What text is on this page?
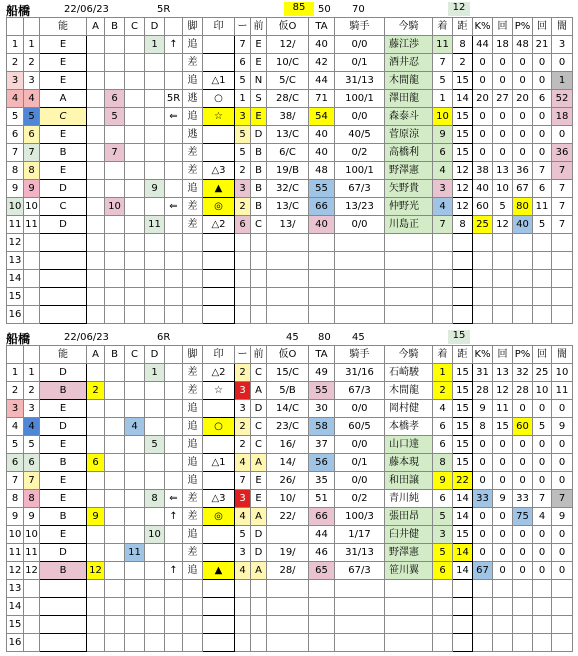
船橋	22/06/23	5R	85	50 70	12
		能	A	B	C	D		脚	印	ー	前	仮O	TA	騎手	今騎	着	距	K%	回	P%	回	闇
1	1	E				1	↑	追		7	E	12/	40	0/0	藤江渉	11	8	44	18	48	21	3
2	2	E						差		6	E	10/C	42	0/1	酒井忍	7	2	0	0	0	0	0
3	3	E						追	△1	5	N	5/C	44	31/13	木間龍	5	15	0	0	0	0	1
4	4	A		6			5R	逃	○	1	S	28/C	71	100/1	澤田龍	1	14	20	27	20	6	52
5	5	C		5			⇐	追	☆	3	E	38/	54	0/0	森泰斗	10	15	0	0	0	0	18
6	6	E						逃		5	D	13/C	40	40/5	菅原涼	9	15	0	0	0	0	0
7	7	B		7				差		5	B	6/C	40	0/2	高橋利	6	15	0	0	0	0	36
8	8	E						差	△3	2	B	19/B	48	100/1	野澤憲	4	12	38	13	36	7	7
9	9	D				9		追	▲	3	B	32/C	55	67/3	矢野貴	3	12	40	10	67	6	7
10	10	C		10			⇐	差	◎	2	B	13/C	66	13/23	仲野光	4	12	60	5	80	11	7
11	11	D				11		差	△2	6	C	13/	40	0/0	川島正	7	8	25	12	40	5	7
12																						
13																						
14																						
15																						
16																						
船橋	22/06/23	6R	45 80 45	15
		能	A	B	C	D		脚	印	ー	前	仮O	TA	騎手	今騎	着	距	K%	回	P%	回	闇
1	1	D				1		差	△2	2	C	15/C	49	31/16	石崎駿	1	15	31	13	32	25	10
2	2	B	2					差	☆	3	A	5/B	55	67/3	木間龍	2	15	28	12	28	10	11
3	3	E						追		3	D	14/C	30	0/0	岡村健	4	15	9	11	0	0	0
4	4	D			4			追	○	2	C	23/C	58	60/5	本橋孝	6	15	8	15	60	5	9
5	5	E				5		追		2	C	16/	37	0/0	山口達	6	15	0	0	0	0	0
6	6	B	6					追	△1	4	A	14/	56	0/1	藤本現	8	15	0	0	0	0	0
7	7	E						追		7	E	26/	35	0/0	和田譲	9	22	0	0	0	0	0
8	8	E				8	⇐	差	△3	3	E	10/	51	0/2	青川純	6	14	33	9	33	7	7
9	9	B	9				↑	差	◎	4	A	22/	66	100/3	張田昂	5	14	0	0	75	4	9
10	10	E				10		追		5	D		44	1/17	臼井健	3	15	0	0	0	0	0
11	11	D			11			差		3	D	19/	46	31/13	野澤憲	5	14	0	0	0	0	0
12	12	B	12				↑	追	▲	4	A	28/	65	67/3	笹川翼	6	14	67	0	0	0	0
13																						
14																						
15																						
16																						
